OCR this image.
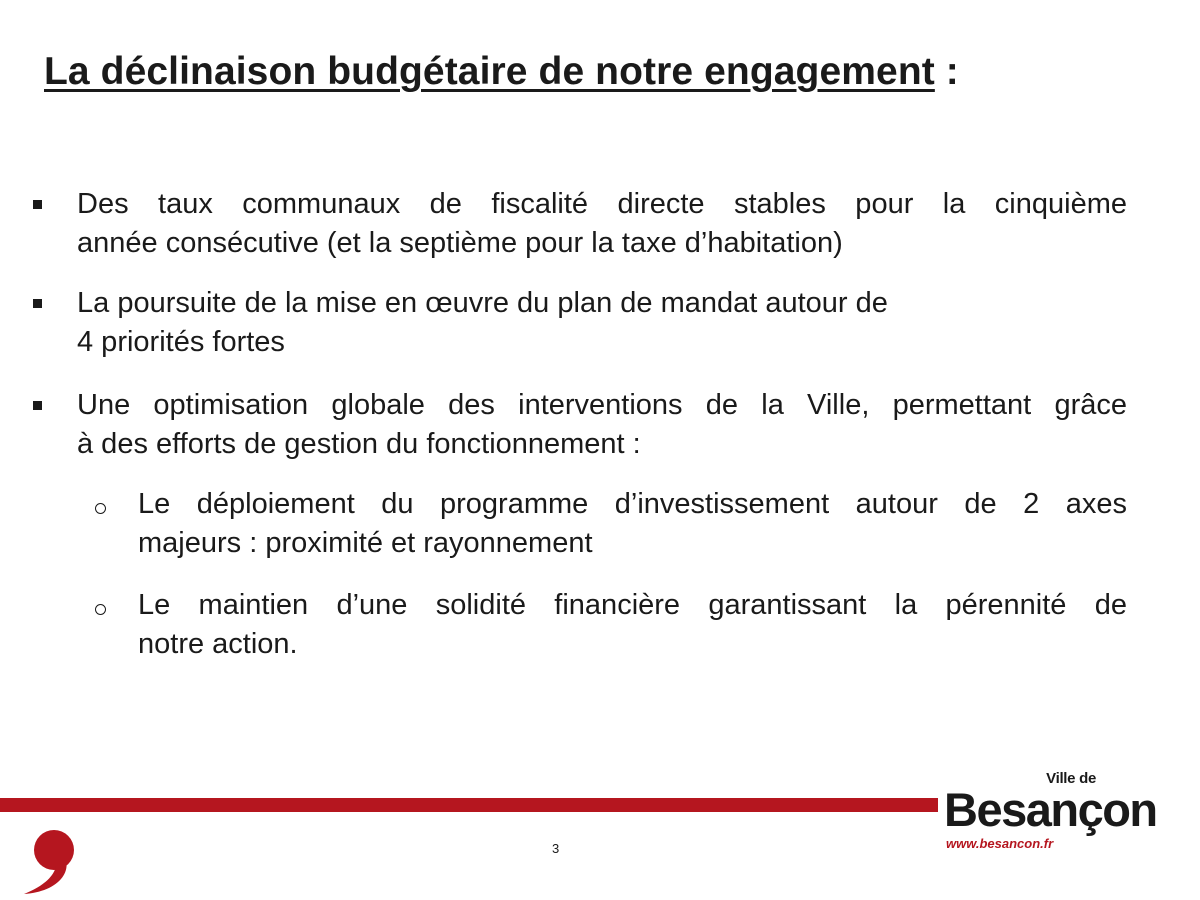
La déclinaison budgétaire de notre engagement :
Des taux communaux de fiscalité directe stables pour la cinquième
année consécutive (et la septième pour la taxe d’habitation)
La poursuite de la mise en œuvre du plan de mandat autour de
4 priorités fortes
Une optimisation globale des interventions de la Ville, permettant grâce
à des efforts de gestion du fonctionnement :
Le déploiement du programme d’investissement autour de 2 axes
majeurs : proximité et rayonnement
Le maintien d’une solidité financière garantissant la pérennité de
notre action.
3
Ville de
Besançon
www.besancon.fr
